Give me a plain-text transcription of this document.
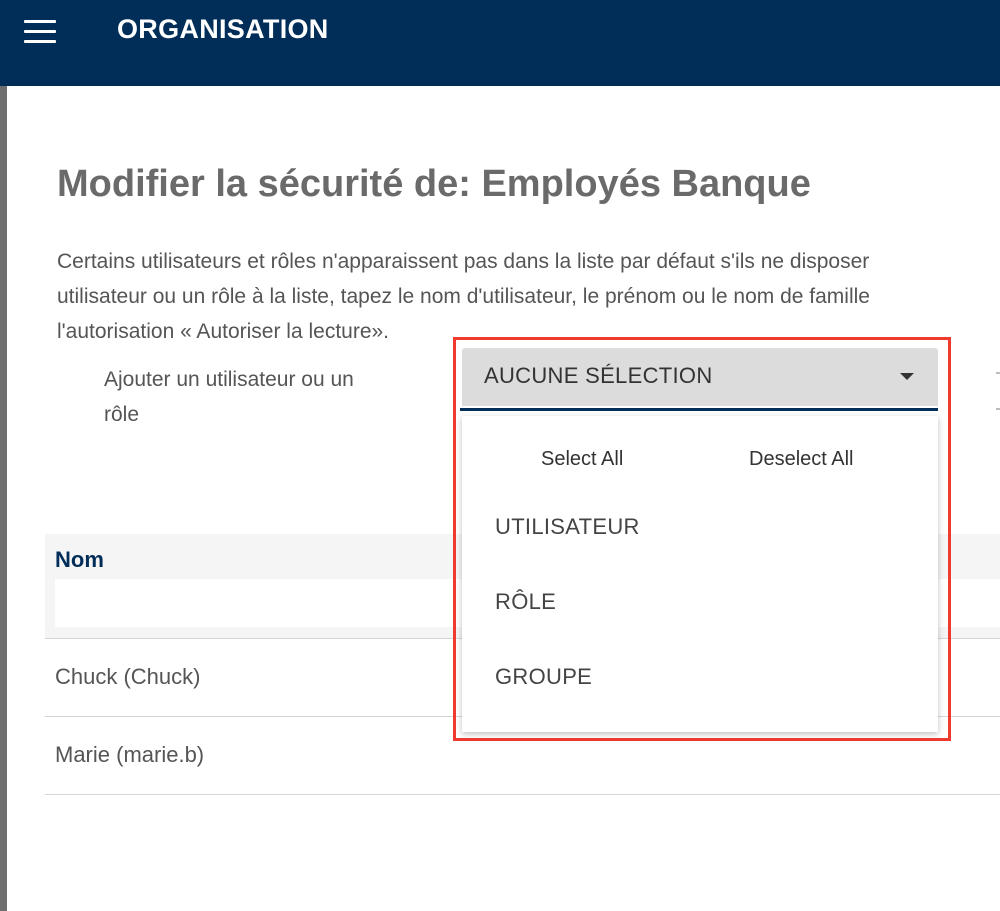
ORGANISATION
Modifier la sécurité de: Employés Banque
Certains utilisateurs et rôles n'apparaissent pas dans la liste par défaut s'ils ne disposer
utilisateur ou un rôle à la liste, tapez le nom d'utilisateur, le prénom ou le nom de famille
l'autorisation « Autoriser la lecture».
Ajouter un utilisateur ou un
rôle
Nom
Chuck (Chuck)
Marie (marie.b)
AUCUNE SÉLECTION
Select All	Deselect All
UTILISATEUR
RÔLE
GROUPE
